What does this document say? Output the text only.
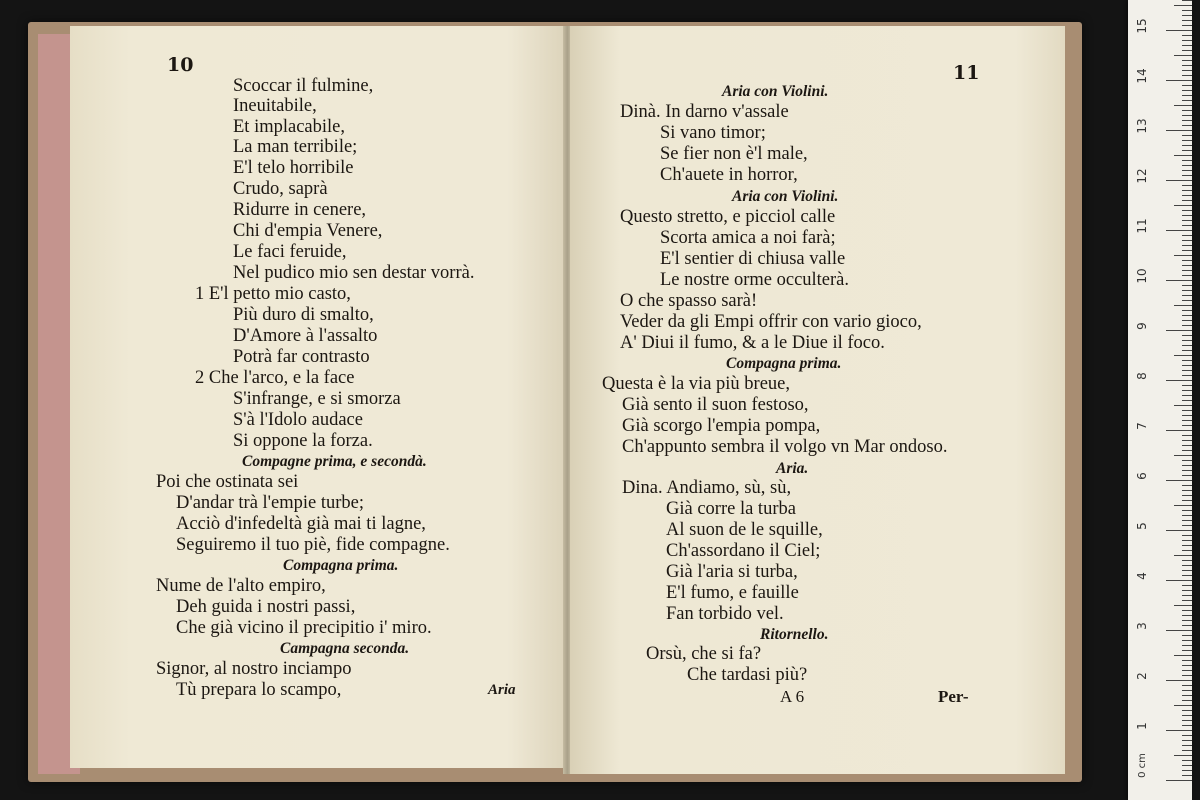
10
Scoccar il fulmine,
Ineuitabile,
Et implacabile,
La man terribile;
E'l telo horribile
Crudo, saprà
Ridurre in cenere,
Chi d'empia Venere,
Le faci feruide,
Nel pudico mio sen destar vorrà.
1 E'l petto mio casto,
Più duro di smalto,
D'Amore à l'assalto
Potrà far contrasto
2 Che l'arco, e la face
S'infrange, e si smorza
S'à l'Idolo audace
Si oppone la forza.
Compagne prima, e secondà.
Poi che ostinata sei
D'andar trà l'empie turbe;
Acciò d'infedeltà già mai ti lagne,
Seguiremo il tuo piè, fide compagne.
Compagna prima.
Nume de l'alto empiro,
Deh guida i nostri passi,
Che già vicino il precipitio i' miro.
Campagna seconda.
Signor, al nostro inciampo
Tù prepara lo scampo,	Aria
11
Aria con Violini.
Dinà. In darno v'assale
Si vano timor;
Se fier non è'l male,
Ch'auete in horror,
Aria con Violini.
Questo stretto, e picciol calle
Scorta amica a noi farà;
E'l sentier di chiusa valle
Le nostre orme occulterà.
O che spasso sarà!
Veder da gli Empi offrir con vario gioco,
A' Diui il fumo, & a le Diue il foco.
Compagna prima.
Questa è la via più breue,
Già sento il suon festoso,
Già scorgo l'empia pompa,
Ch'appunto sembra il volgo vn Mar ondoso.
Aria.
Dina. Andiamo, sù, sù,
Già corre la turba
Al suon de le squille,
Ch'assordano il Ciel;
Già l'aria si turba,
E'l fumo, e fauille
Fan torbido vel.
Ritornello.
Orsù, che si fa?
Che tardasi più?
A 6	Per-
0 cm
1
2
3
4
5
6
7
8
9
10
11
12
13
14
15
